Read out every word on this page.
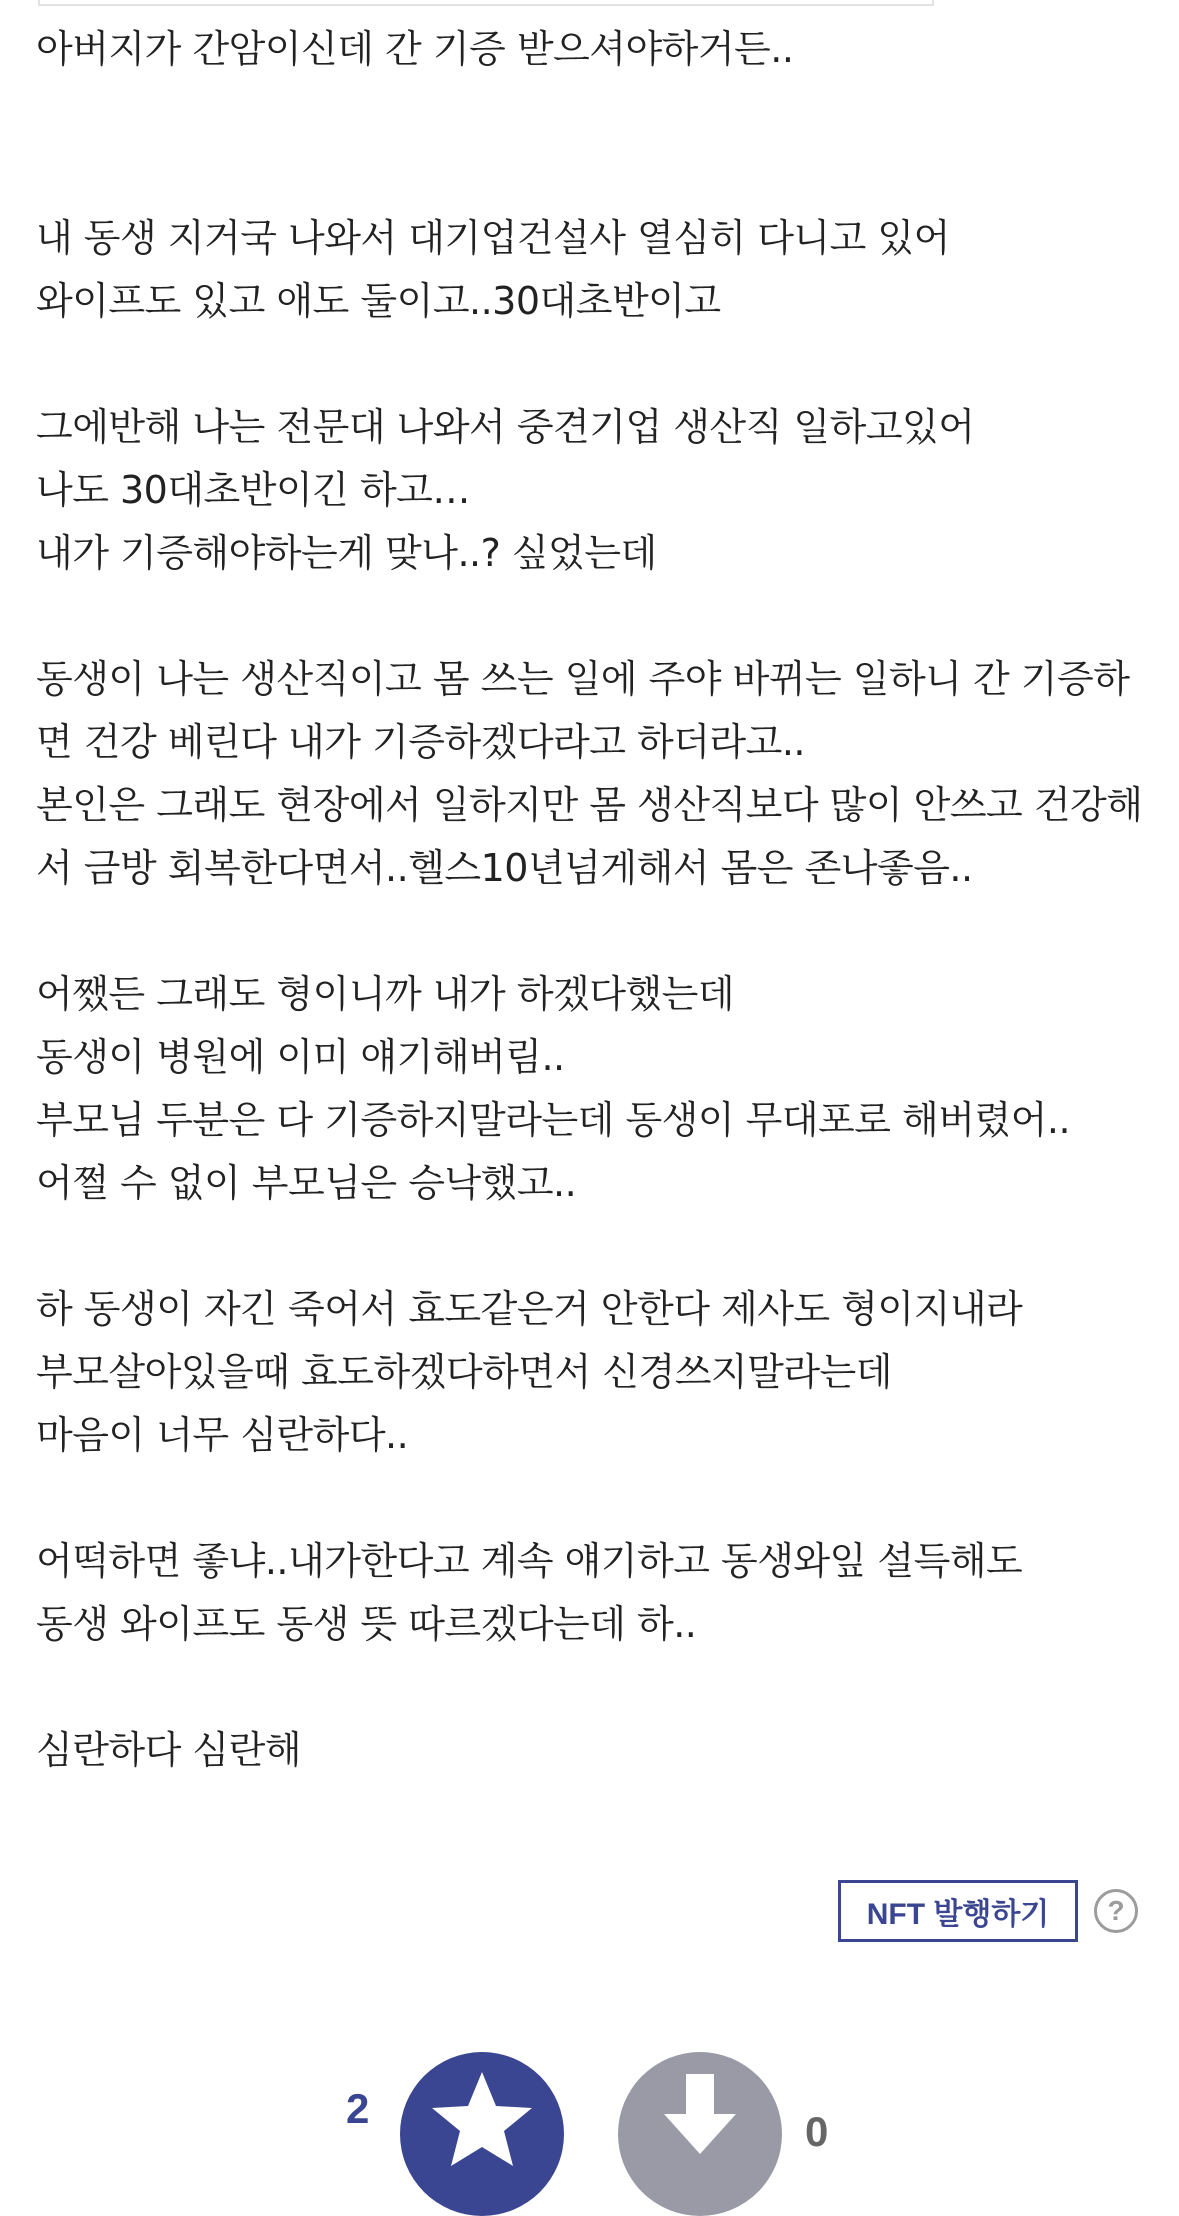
아버지가 간암이신데 간 기증 받으셔야하거든..

내 동생 지거국 나와서 대기업건설사 열심히 다니고 있어
와이프도 있고 애도 둘이고..30대초반이고

그에반해 나는 전문대 나와서 중견기업 생산직 일하고있어
나도 30대초반이긴 하고…
내가 기증해야하는게 맞나..? 싶었는데

동생이 나는 생산직이고 몸 쓰는 일에 주야 바뀌는 일하니 간 기증하
면 건강 베린다 내가 기증하겠다라고 하더라고..
본인은 그래도 현장에서 일하지만 몸 생산직보다 많이 안쓰고 건강해
서 금방 회복한다면서..헬스10년넘게해서 몸은 존나좋음..

어쨌든 그래도 형이니까 내가 하겠다했는데
동생이 병원에 이미 얘기해버림..
부모님 두분은 다 기증하지말라는데 동생이 무대포로 해버렸어..
어쩔 수 없이 부모님은 승낙했고..

하 동생이 자긴 죽어서 효도같은거 안한다 제사도 형이지내라
부모살아있을때 효도하겠다하면서 신경쓰지말라는데
마음이 너무 심란하다..

어떡하면 좋냐..내가한다고 계속 얘기하고 동생와잎 설득해도
동생 와이프도 동생 뜻 따르겠다는데 하..

심란하다 심란해

NFT 발행하기 ?
2	0
